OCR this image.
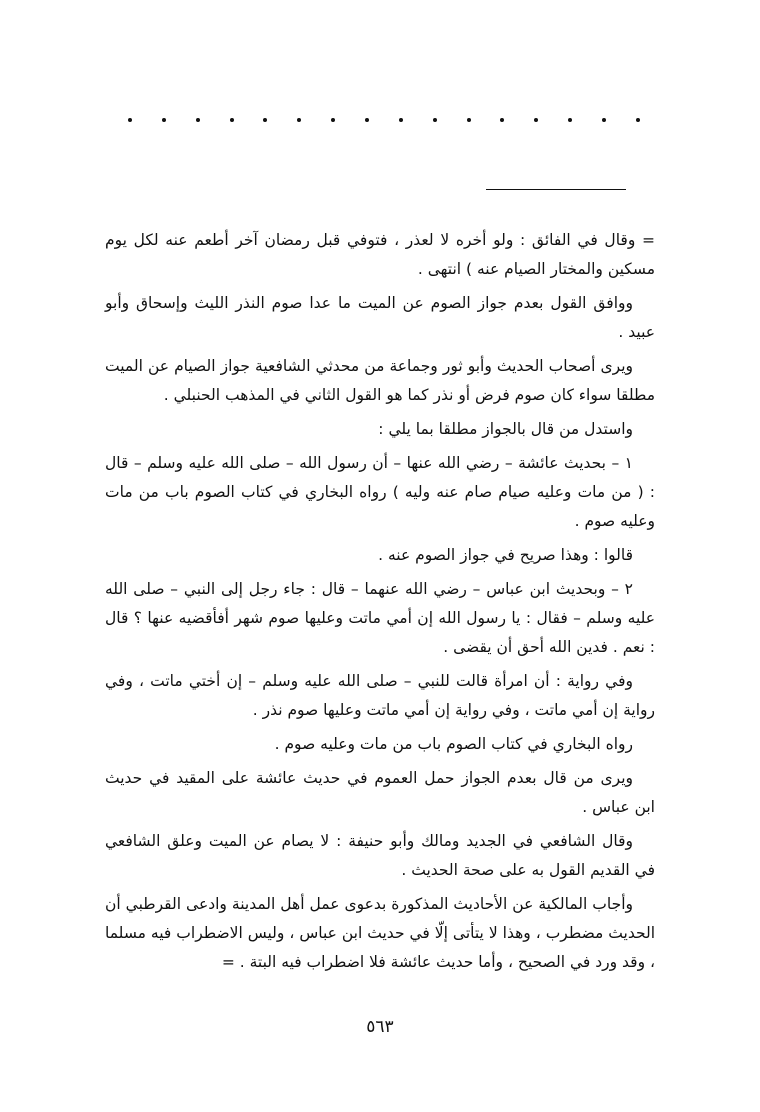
= وقال في الفائق : ولو أخره لا لعذر ، فتوفي قبل رمضان آخر أطعم عنه لكل يوم مسكين والمختار الصيام عنه ) انتهى .

ووافق القول بعدم جواز الصوم عن الميت ما عدا صوم النذر الليث وإسحاق وأبو عبيد .

ويرى أصحاب الحديث وأبو ثور وجماعة من محدثي الشافعية جواز الصيام عن الميت مطلقا سواء كان صوم فرض أو نذر كما هو القول الثاني في المذهب الحنبلي .

واستدل من قال بالجواز مطلقا بما يلي :

١ – بحديث عائشة – رضي الله عنها – أن رسول الله – صلى الله عليه وسلم – قال : ( من مات وعليه صيام صام عنه وليه ) رواه البخاري في كتاب الصوم باب من مات وعليه صوم .

قالوا : وهذا صريح في جواز الصوم عنه .

٢ – وبحديث ابن عباس – رضي الله عنهما – قال : جاء رجل إلى النبي – صلى الله عليه وسلم – فقال : يا رسول الله إن أمي ماتت وعليها صوم شهر أفأقضيه عنها ؟ قال : نعم . فدين الله أحق أن يقضى .

وفي رواية : أن امرأة قالت للنبي – صلى الله عليه وسلم – إن أختي ماتت ، وفي رواية إن أمي ماتت ، وفي رواية إن أمي ماتت وعليها صوم نذر .

رواه البخاري في كتاب الصوم باب من مات وعليه صوم .

ويرى من قال بعدم الجواز حمل العموم في حديث عائشة على المقيد في حديث ابن عباس .

وقال الشافعي في الجديد ومالك وأبو حنيفة : لا يصام عن الميت وعلق الشافعي في القديم القول به على صحة الحديث .

وأجاب المالكية عن الأحاديث المذكورة بدعوى عمل أهل المدينة وادعى القرطبي أن الحديث مضطرب ، وهذا لا يتأتى إلّا في حديث ابن عباس ، وليس الاضطراب فيه مسلما ، وقد ورد في الصحيح ، وأما حديث عائشة فلا اضطراب فيه البتة . =

٥٦٣
